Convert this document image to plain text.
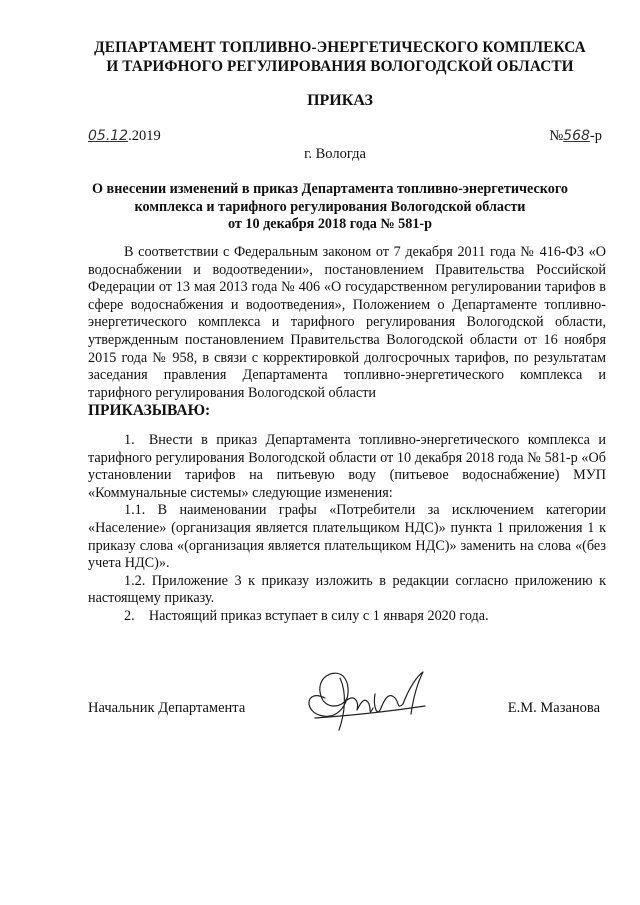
ДЕПАРТАМЕНТ ТОПЛИВНО-ЭНЕРГЕТИЧЕСКОГО КОМПЛЕКСА
И ТАРИФНОГО РЕГУЛИРОВАНИЯ ВОЛОГОДСКОЙ ОБЛАСТИ
ПРИКАЗ
05.12.2019	№568-р
г. Вологда
О внесении изменений в приказ Департамента топливно-энергетического
комплекса и тарифного регулирования Вологодской области
от 10 декабря 2018 года № 581-р

В соответствии с Федеральным законом от 7 декабря 2011 года № 416-ФЗ «О водоснабжении и водоотведении», постановлением Правительства Российской Федерации от 13 мая 2013 года № 406 «О государственном регулировании тарифов в сфере водоснабжения и водоотведения», Положением о Департаменте топливно-энергетического комплекса и тарифного регулирования Вологодской области, утвержденным постановлением Правительства Вологодской области от 16 ноября 2015 года № 958, в связи с корректировкой долгосрочных тарифов, по результатам заседания правления Департамента топливно-энергетического комплекса и тарифного регулирования Вологодской области

ПРИКАЗЫВАЮ:

1. Внести в приказ Департамента топливно-энергетического комплекса и тарифного регулирования Вологодской области от 10 декабря 2018 года № 581-р «Об установлении тарифов на питьевую воду (питьевое водоснабжение) МУП «Коммунальные системы» следующие изменения:

1.1. В наименовании графы «Потребители за исключением категории «Население» (организация является плательщиком НДС)» пункта 1 приложения 1 к приказу слова «(организация является плательщиком НДС)» заменить на слова «(без учета НДС)».

1.2. Приложение 3 к приказу изложить в редакции согласно приложению к настоящему приказу.

2. Настоящий приказ вступает в силу с 1 января 2020 года.

Начальник Департамента	Е.М. Мазанова
